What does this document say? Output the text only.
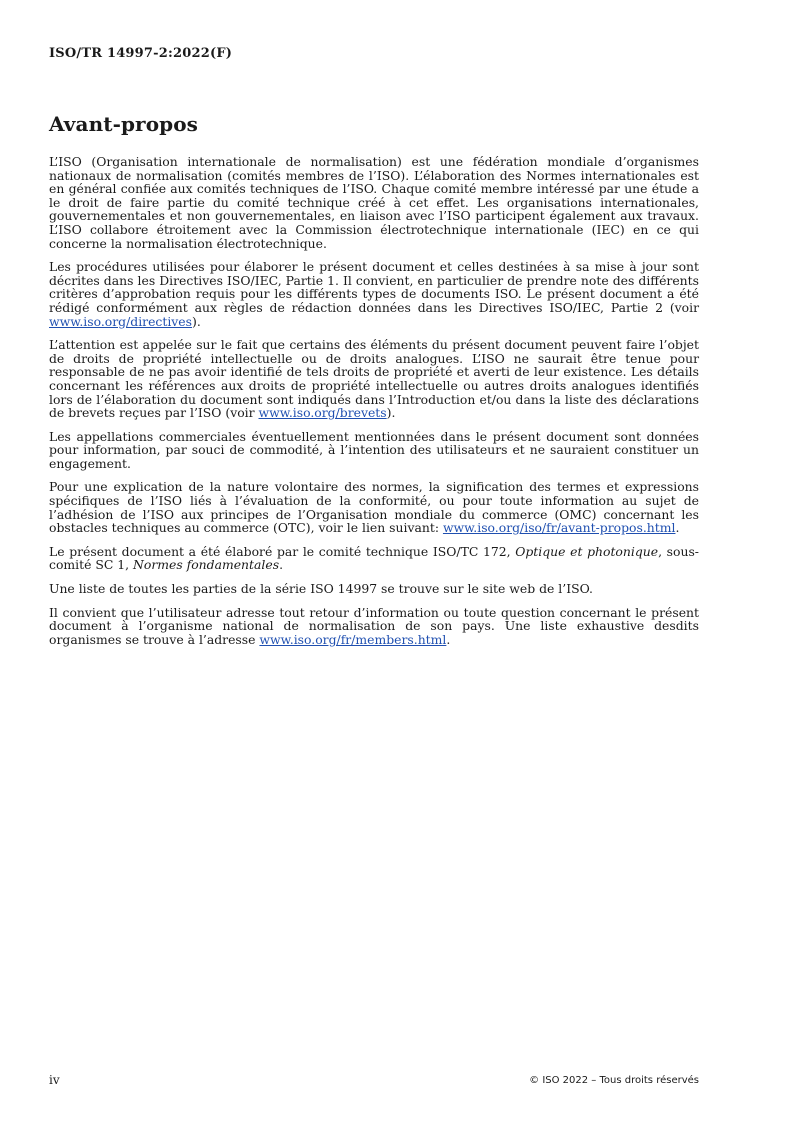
ISO/TR 14997-2:2022(F)
Avant-propos

L’ISO (Organisation internationale de normalisation) est une fédération mondiale d’organismes nationaux de normalisation (comités membres de l’ISO). L’élaboration des Normes internationales est en général confiée aux comités techniques de l’ISO. Chaque comité membre intéressé par une étude a le droit de faire partie du comité technique créé à cet effet. Les organisations internationales, gouvernementales et non gouvernementales, en liaison avec l’ISO participent également aux travaux. L’ISO collabore étroitement avec la Commission électrotechnique internationale (IEC) en ce qui concerne la normalisation électrotechnique.

Les procédures utilisées pour élaborer le présent document et celles destinées à sa mise à jour sont décrites dans les Directives ISO/IEC, Partie 1. Il convient, en particulier de prendre note des différents critères d’approbation requis pour les différents types de documents ISO. Le présent document a été rédigé conformément aux règles de rédaction données dans les Directives ISO/IEC, Partie 2 (voir www.iso.org/directives).

L’attention est appelée sur le fait que certains des éléments du présent document peuvent faire l’objet de droits de propriété intellectuelle ou de droits analogues. L’ISO ne saurait être tenue pour responsable de ne pas avoir identifié de tels droits de propriété et averti de leur existence. Les détails concernant les références aux droits de propriété intellectuelle ou autres droits analogues identifiés lors de l’élaboration du document sont indiqués dans l’Introduction et/ou dans la liste des déclarations de brevets reçues par l’ISO (voir www.iso.org/brevets).

Les appellations commerciales éventuellement mentionnées dans le présent document sont données pour information, par souci de commodité, à l’intention des utilisateurs et ne sauraient constituer un engagement.

Pour une explication de la nature volontaire des normes, la signification des termes et expressions spécifiques de l’ISO liés à l’évaluation de la conformité, ou pour toute information au sujet de l’adhésion de l’ISO aux principes de l’Organisation mondiale du commerce (OMC) concernant les obstacles techniques au commerce (OTC), voir le lien suivant: www.iso.org/iso/fr/avant-propos.html.

Le présent document a été élaboré par le comité technique ISO/TC 172, Optique et photonique, sous-comité SC 1, Normes fondamentales.

Une liste de toutes les parties de la série ISO 14997 se trouve sur le site web de l’ISO.

Il convient que l’utilisateur adresse tout retour d’information ou toute question concernant le présent document à l’organisme national de normalisation de son pays. Une liste exhaustive desdits organismes se trouve à l’adresse www.iso.org/fr/members.html.

iv	© ISO 2022 – Tous droits réservés
